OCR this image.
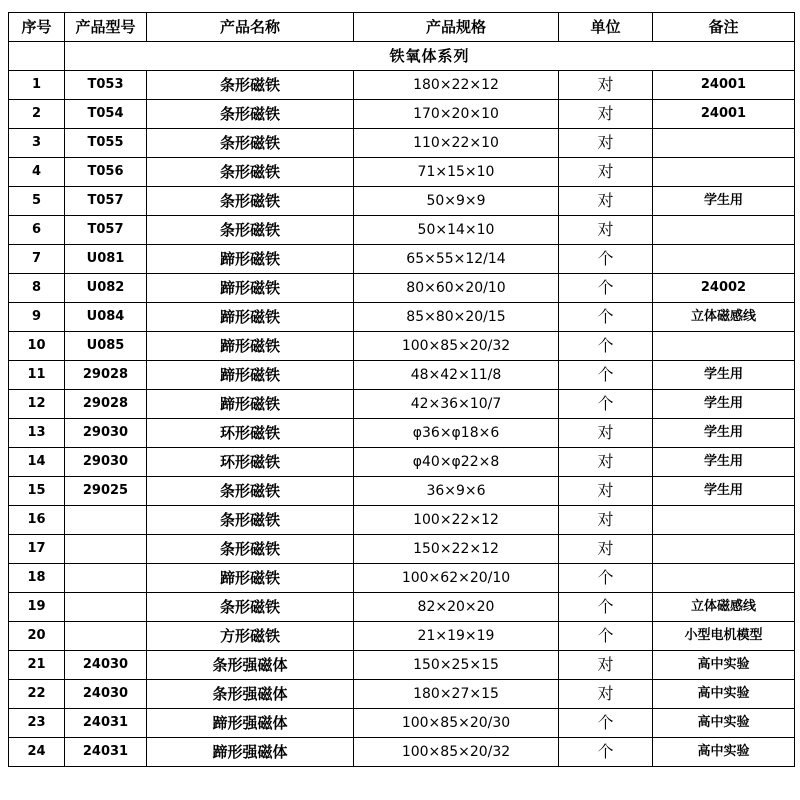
序号	产品型号	产品名称	产品规格	单位	备注
	铁氧体系列				
1	T053	条形磁铁	180×22×12	对	24001
2	T054	条形磁铁	170×20×10	对	24001
3	T055	条形磁铁	110×22×10	对	
4	T056	条形磁铁	71×15×10	对	
5	T057	条形磁铁	50×9×9	对	学生用
6	T057	条形磁铁	50×14×10	对	
7	U081	蹄形磁铁	65×55×12/14	个	
8	U082	蹄形磁铁	80×60×20/10	个	24002
9	U084	蹄形磁铁	85×80×20/15	个	立体磁感线
10	U085	蹄形磁铁	100×85×20/32	个	
11	29028	蹄形磁铁	48×42×11/8	个	学生用
12	29028	蹄形磁铁	42×36×10/7	个	学生用
13	29030	环形磁铁	φ36×φ18×6	对	学生用
14	29030	环形磁铁	φ40×φ22×8	对	学生用
15	29025	条形磁铁	36×9×6	对	学生用
16		条形磁铁	100×22×12	对	
17		条形磁铁	150×22×12	对	
18		蹄形磁铁	100×62×20/10	个	
19		条形磁铁	82×20×20	个	立体磁感线
20		方形磁铁	21×19×19	个	小型电机模型
21	24030	条形强磁体	150×25×15	对	高中实验
22	24030	条形强磁体	180×27×15	对	高中实验
23	24031	蹄形强磁体	100×85×20/30	个	高中实验
24	24031	蹄形强磁体	100×85×20/32	个	高中实验
